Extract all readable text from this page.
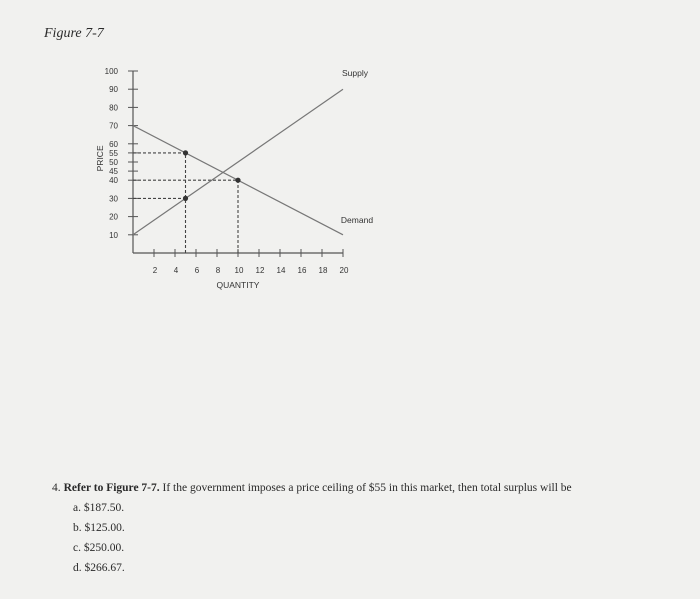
Figure 7-7
10
20
30
40
45
50
55
60
70
80
90
100
2 4 6 8 10 12 14 16 18 20
QUANTITY
PRICE
Supply
Demand
4. Refer to Figure 7-7. If the government imposes a price ceiling of $55 in this market, then total surplus will be
a. $187.50.
b. $125.00.
c. $250.00.
d. $266.67.
